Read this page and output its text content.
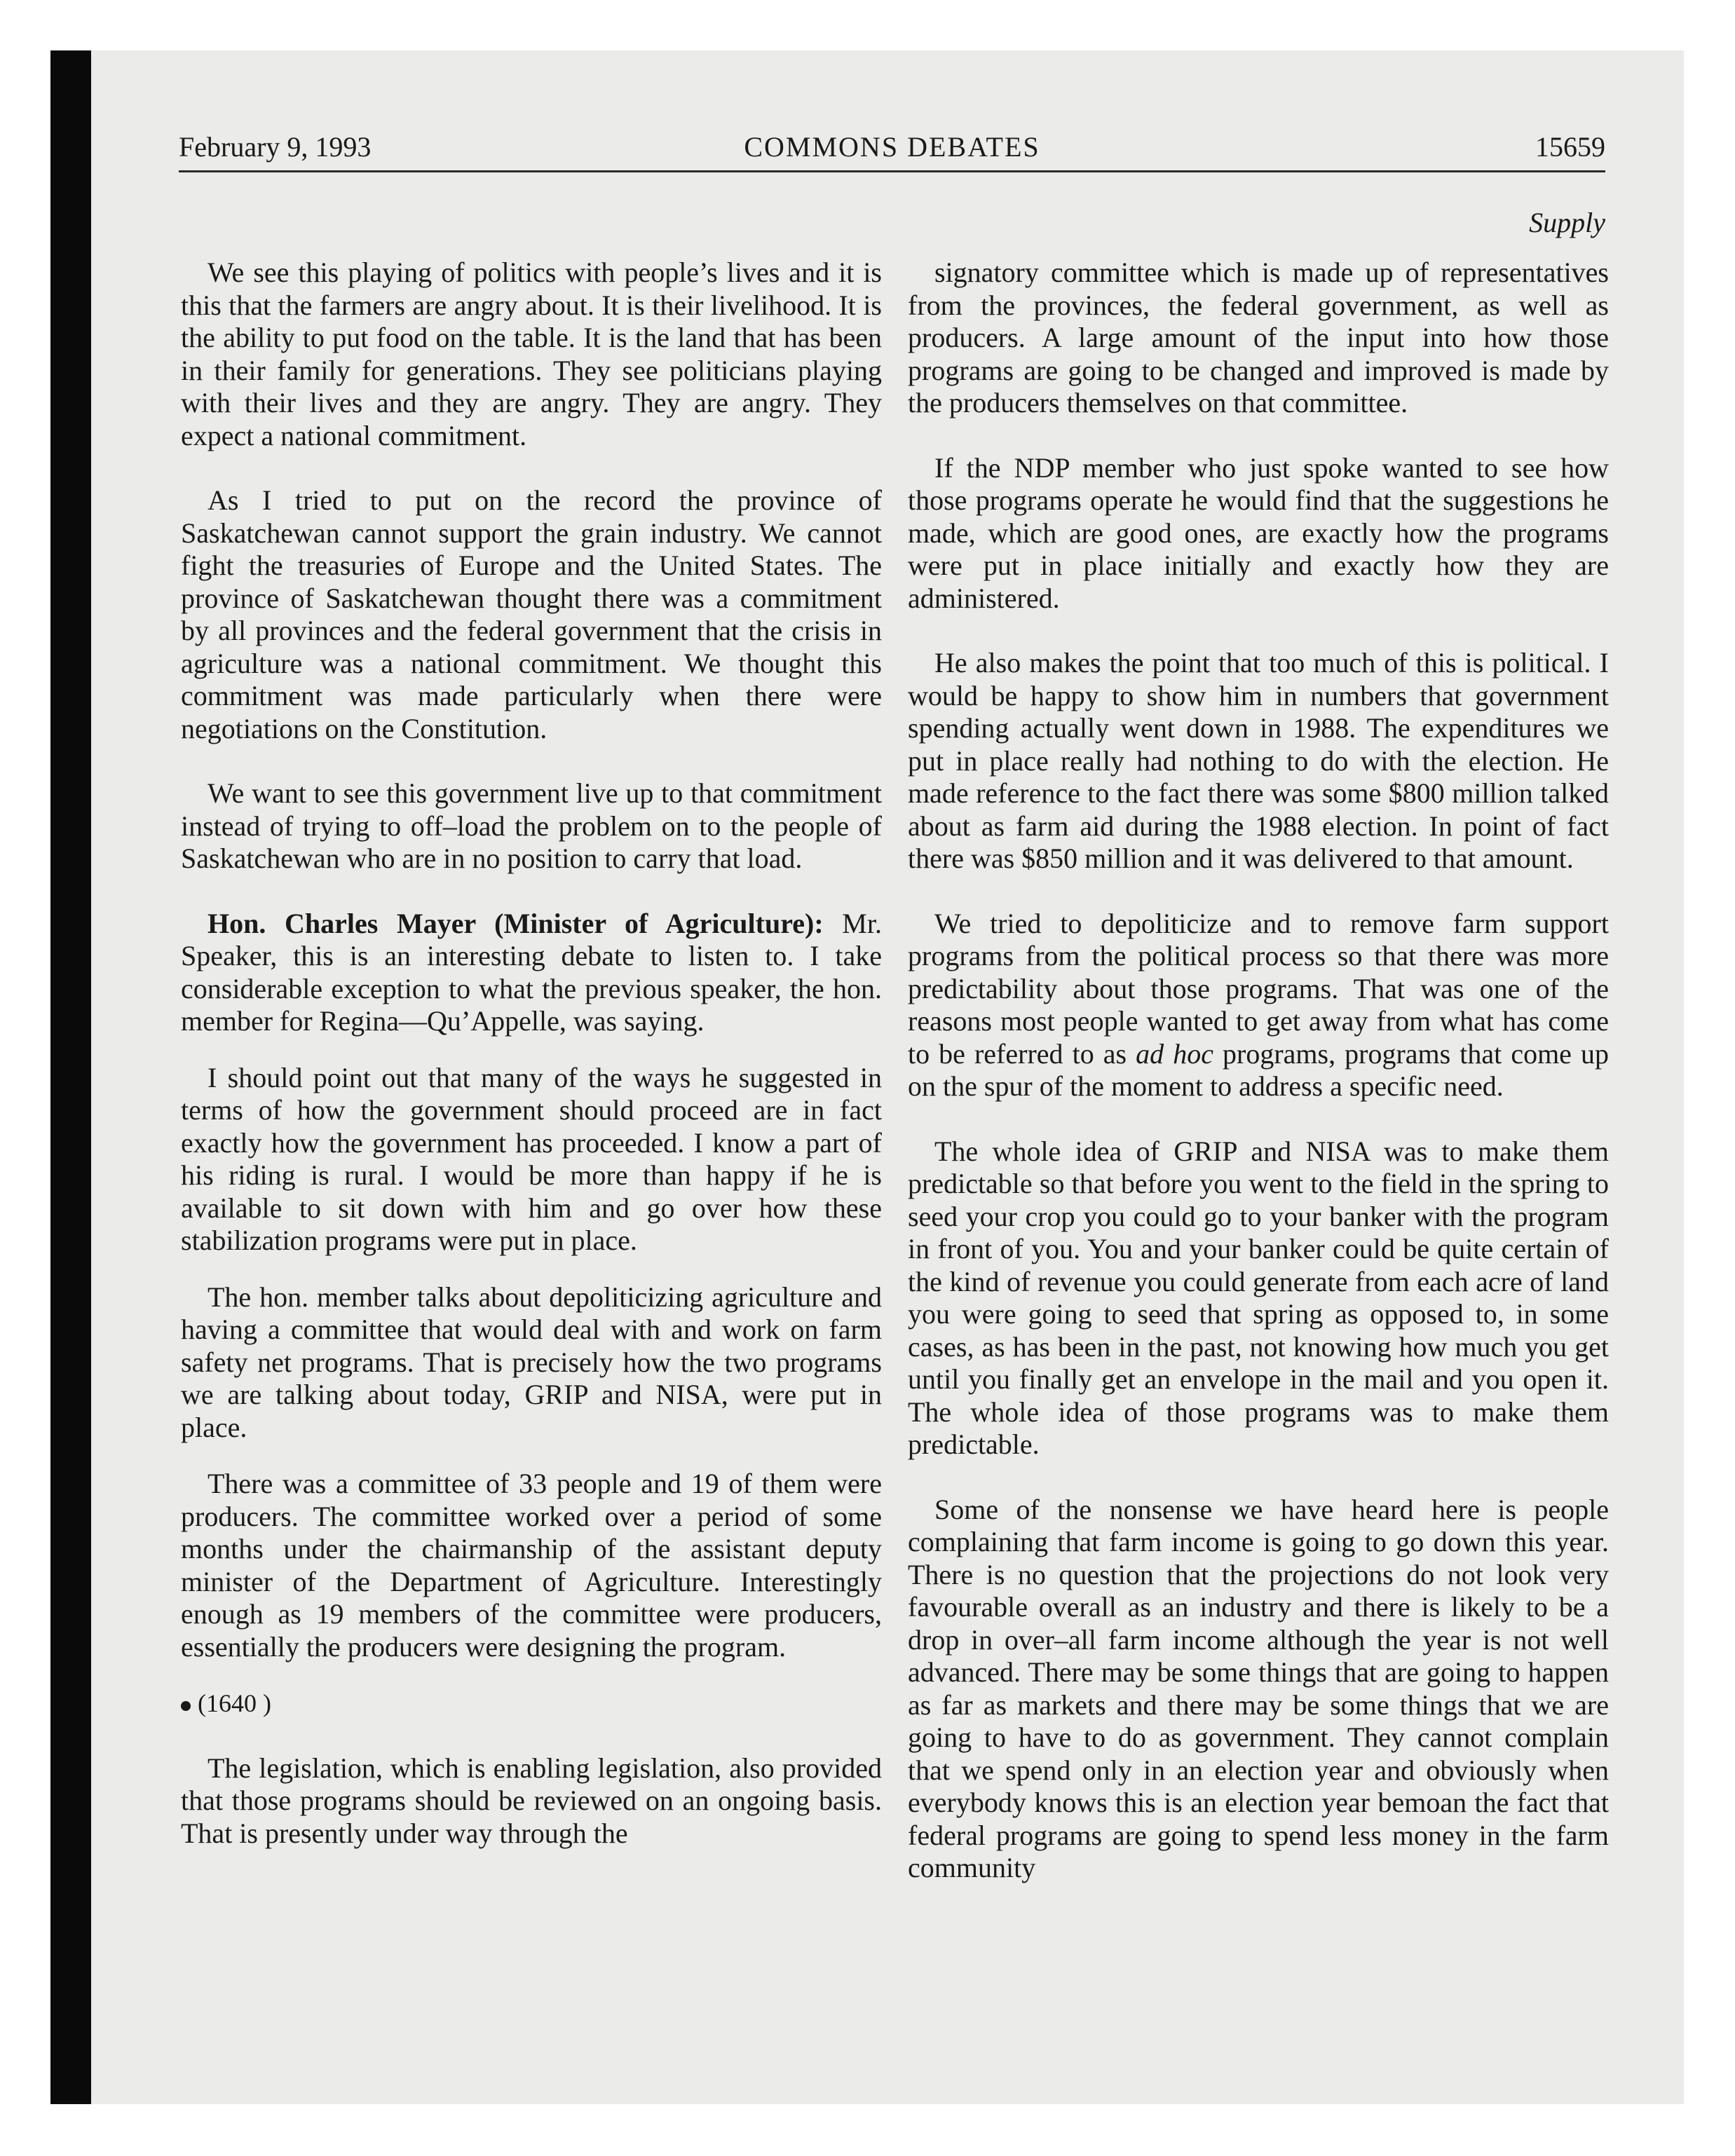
February 9, 1993	COMMONS DEBATES	15659
Supply

We see this playing of politics with people’s lives and it is this that the farmers are angry about. It is their livelihood. It is the ability to put food on the table. It is the land that has been in their family for generations. They see politicians playing with their lives and they are angry. They are angry. They expect a national commitment.

As I tried to put on the record the province of Saskatchewan cannot support the grain industry. We cannot fight the treasuries of Europe and the United States. The province of Saskatchewan thought there was a commitment by all provinces and the federal government that the crisis in agriculture was a national commitment. We thought this commitment was made particularly when there were negotiations on the Constitution.

We want to see this government live up to that commitment instead of trying to off–load the problem on to the people of Saskatchewan who are in no position to carry that load.

Hon. Charles Mayer (Minister of Agriculture): Mr. Speaker, this is an interesting debate to listen to. I take considerable exception to what the previous speaker, the hon. member for Regina—Qu’Appelle, was saying.

I should point out that many of the ways he suggested in terms of how the government should proceed are in fact exactly how the government has proceeded. I know a part of his riding is rural. I would be more than happy if he is available to sit down with him and go over how these stabilization programs were put in place.

The hon. member talks about depoliticizing agriculture and having a committee that would deal with and work on farm safety net programs. That is precisely how the two programs we are talking about today, GRIP and NISA, were put in place.

There was a committee of 33 people and 19 of them were producers. The committee worked over a period of some months under the chairmanship of the assistant deputy minister of the Department of Agriculture. Interestingly enough as 19 members of the committee were producers, essentially the producers were designing the program.

(1640 )

The legislation, which is enabling legislation, also provided that those programs should be reviewed on an ongoing basis. That is presently under way through the

signatory committee which is made up of representatives from the provinces, the federal government, as well as producers. A large amount of the input into how those programs are going to be changed and improved is made by the producers themselves on that committee.

If the NDP member who just spoke wanted to see how those programs operate he would find that the suggestions he made, which are good ones, are exactly how the programs were put in place initially and exactly how they are administered.

He also makes the point that too much of this is political. I would be happy to show him in numbers that government spending actually went down in 1988. The expenditures we put in place really had nothing to do with the election. He made reference to the fact there was some $800 million talked about as farm aid during the 1988 election. In point of fact there was $850 million and it was delivered to that amount.

We tried to depoliticize and to remove farm support programs from the political process so that there was more predictability about those programs. That was one of the reasons most people wanted to get away from what has come to be referred to as ad hoc programs, programs that come up on the spur of the moment to address a specific need.

The whole idea of GRIP and NISA was to make them predictable so that before you went to the field in the spring to seed your crop you could go to your banker with the program in front of you. You and your banker could be quite certain of the kind of revenue you could generate from each acre of land you were going to seed that spring as opposed to, in some cases, as has been in the past, not knowing how much you get until you finally get an envelope in the mail and you open it. The whole idea of those programs was to make them predictable.

Some of the nonsense we have heard here is people complaining that farm income is going to go down this year. There is no question that the projections do not look very favourable overall as an industry and there is likely to be a drop in over–all farm income although the year is not well advanced. There may be some things that are going to happen as far as markets and there may be some things that we are going to have to do as government. They cannot complain that we spend only in an election year and obviously when everybody knows this is an election year bemoan the fact that federal programs are going to spend less money in the farm community
